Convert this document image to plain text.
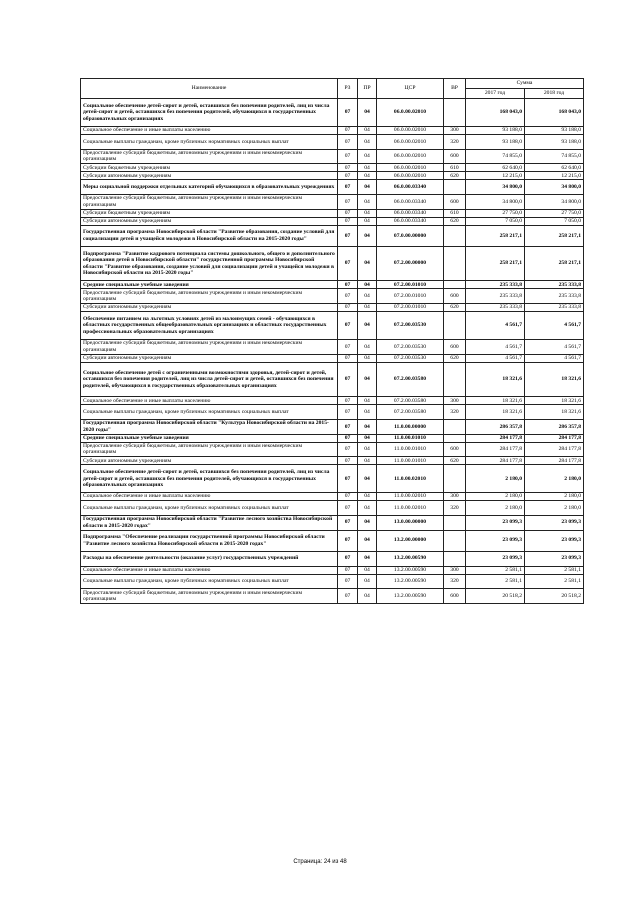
Наименование	РЗ	ПР	ЦСР	ВР	Сумма	
					2017 год	2018 год
Социальное обеспечение детей-сирот и детей, оставшихся без попечения родителей, лиц из числа детей-сирот и детей, оставшихся без попечения родителей, обучающихся в государственных образовательных организациях	07	04	06.0.00.02010		168 043,0	168 043,0
Социальное обеспечение и иные выплаты населению	07	04	06.0.00.02010	300	93 188,0	93 188,0
Социальные выплаты гражданам, кроме публичных нормативных социальных выплат	07	04	06.0.00.02010	320	93 188,0	93 188,0
Предоставление субсидий бюджетным, автономным учреждениям и иным некоммерческим организациям	07	04	06.0.00.02010	600	74 855,0	74 855,0
Субсидии бюджетным учреждениям	07	04	06.0.00.02010	610	62 640,0	62 640,0
Субсидии автономным учреждениям	07	04	06.0.00.02010	620	12 215,0	12 215,0
Меры социальной поддержки отдельных категорий обучающихся в образовательных учреждениях	07	04	06.0.00.03340		34 800,0	34 800,0
Предоставление субсидий бюджетным, автономным учреждениям и иным некоммерческим организациям	07	04	06.0.00.03340	600	34 800,0	34 800,0
Субсидии бюджетным учреждениям	07	04	06.0.00.03340	610	27 750,0	27 750,0
Субсидии автономным учреждениям	07	04	06.0.00.03340	620	7 050,0	7 050,0
Государственная программа Новосибирской области "Развитие образования, создание условий для социализации детей и учащейся молодежи в Новосибирской области на 2015-2020 годы"	07	04	07.0.00.00000		258 217,1	258 217,1
Подпрограмма "Развитие кадрового потенциала системы дошкольного, общего и дополнительного образования детей в Новосибирской области" государственной программы Новосибирской области "Развитие образования, создание условий для социализации детей и учащейся молодежи в Новосибирской области на 2015-2020 годы"	07	04	07.2.00.00000		258 217,1	258 217,1
Средние специальные учебные заведения	07	04	07.2.00.01010		235 333,8	235 333,8
Предоставление субсидий бюджетным, автономным учреждениям и иным некоммерческим организациям	07	04	07.2.00.01010	600	235 333,8	235 333,8
Субсидии автономным учреждениям	07	04	07.2.00.01010	620	235 333,8	235 333,8
Обеспечение питанием на льготных условиях детей из малоимущих семей - обучающихся в областных государственных общеобразовательных организациях и областных государственных профессиональных образовательных организациях	07	04	07.2.00.03530		4 561,7	4 561,7
Предоставление субсидий бюджетным, автономным учреждениям и иным некоммерческим организациям	07	04	07.2.00.03530	600	4 561,7	4 561,7
Субсидии автономным учреждениям	07	04	07.2.00.03530	620	4 561,7	4 561,7
Социальное обеспечение детей с ограниченными возможностями здоровья, детей-сирот и детей, оставшихся без попечения родителей, лиц из числа детей-сирот и детей, оставшихся без попечения родителей, обучающихся в государственных образовательных организациях	07	04	07.2.00.03580		18 321,6	18 321,6
Социальное обеспечение и иные выплаты населению	07	04	07.2.00.03580	300	18 321,6	18 321,6
Социальные выплаты гражданам, кроме публичных нормативных социальных выплат	07	04	07.2.00.03580	320	18 321,6	18 321,6
Государственная программа Новосибирской области "Культура Новосибирской области на 2015-2020 годы"	07	04	11.0.00.00000		286 357,8	286 357,8
Средние специальные учебные заведения	07	04	11.0.00.01010		284 177,8	284 177,8
Предоставление субсидий бюджетным, автономным учреждениям и иным некоммерческим организациям	07	04	11.0.00.01010	600	284 177,8	284 177,8
Субсидии автономным учреждениям	07	04	11.0.00.01010	620	284 177,8	284 177,8
Социальное обеспечение детей-сирот и детей, оставшихся без попечения родителей, лиц из числа детей-сирот и детей, оставшихся без попечения родителей, обучающихся в государственных образовательных организациях	07	04	11.0.00.02010		2 180,0	2 180,0
Социальное обеспечение и иные выплаты населению	07	04	11.0.00.02010	300	2 180,0	2 180,0
Социальные выплаты гражданам, кроме публичных нормативных социальных выплат	07	04	11.0.00.02010	320	2 180,0	2 180,0
Государственная программа Новосибирской области "Развитие лесного хозяйства Новосибирской области в 2015-2020 годах"	07	04	13.0.00.00000		23 099,3	23 099,3
Подпрограмма "Обеспечение реализации государственной программы Новосибирской области "Развитие лесного хозяйства Новосибирской области в 2015-2020 годах"	07	04	13.2.00.00000		23 099,3	23 099,3
Расходы на обеспечение деятельности (оказание услуг) государственных учреждений	07	04	13.2.00.00590		23 099,3	23 099,3
Социальное обеспечение и иные выплаты населению	07	04	13.2.00.00590	300	2 581,1	2 581,1
Социальные выплаты гражданам, кроме публичных нормативных социальных выплат	07	04	13.2.00.00590	320	2 581,1	2 581,1
Предоставление субсидий бюджетным, автономным учреждениям и иным некоммерческим организациям	07	04	13.2.00.00590	600	20 518,2	20 518,2
Страница: 24 из 48
